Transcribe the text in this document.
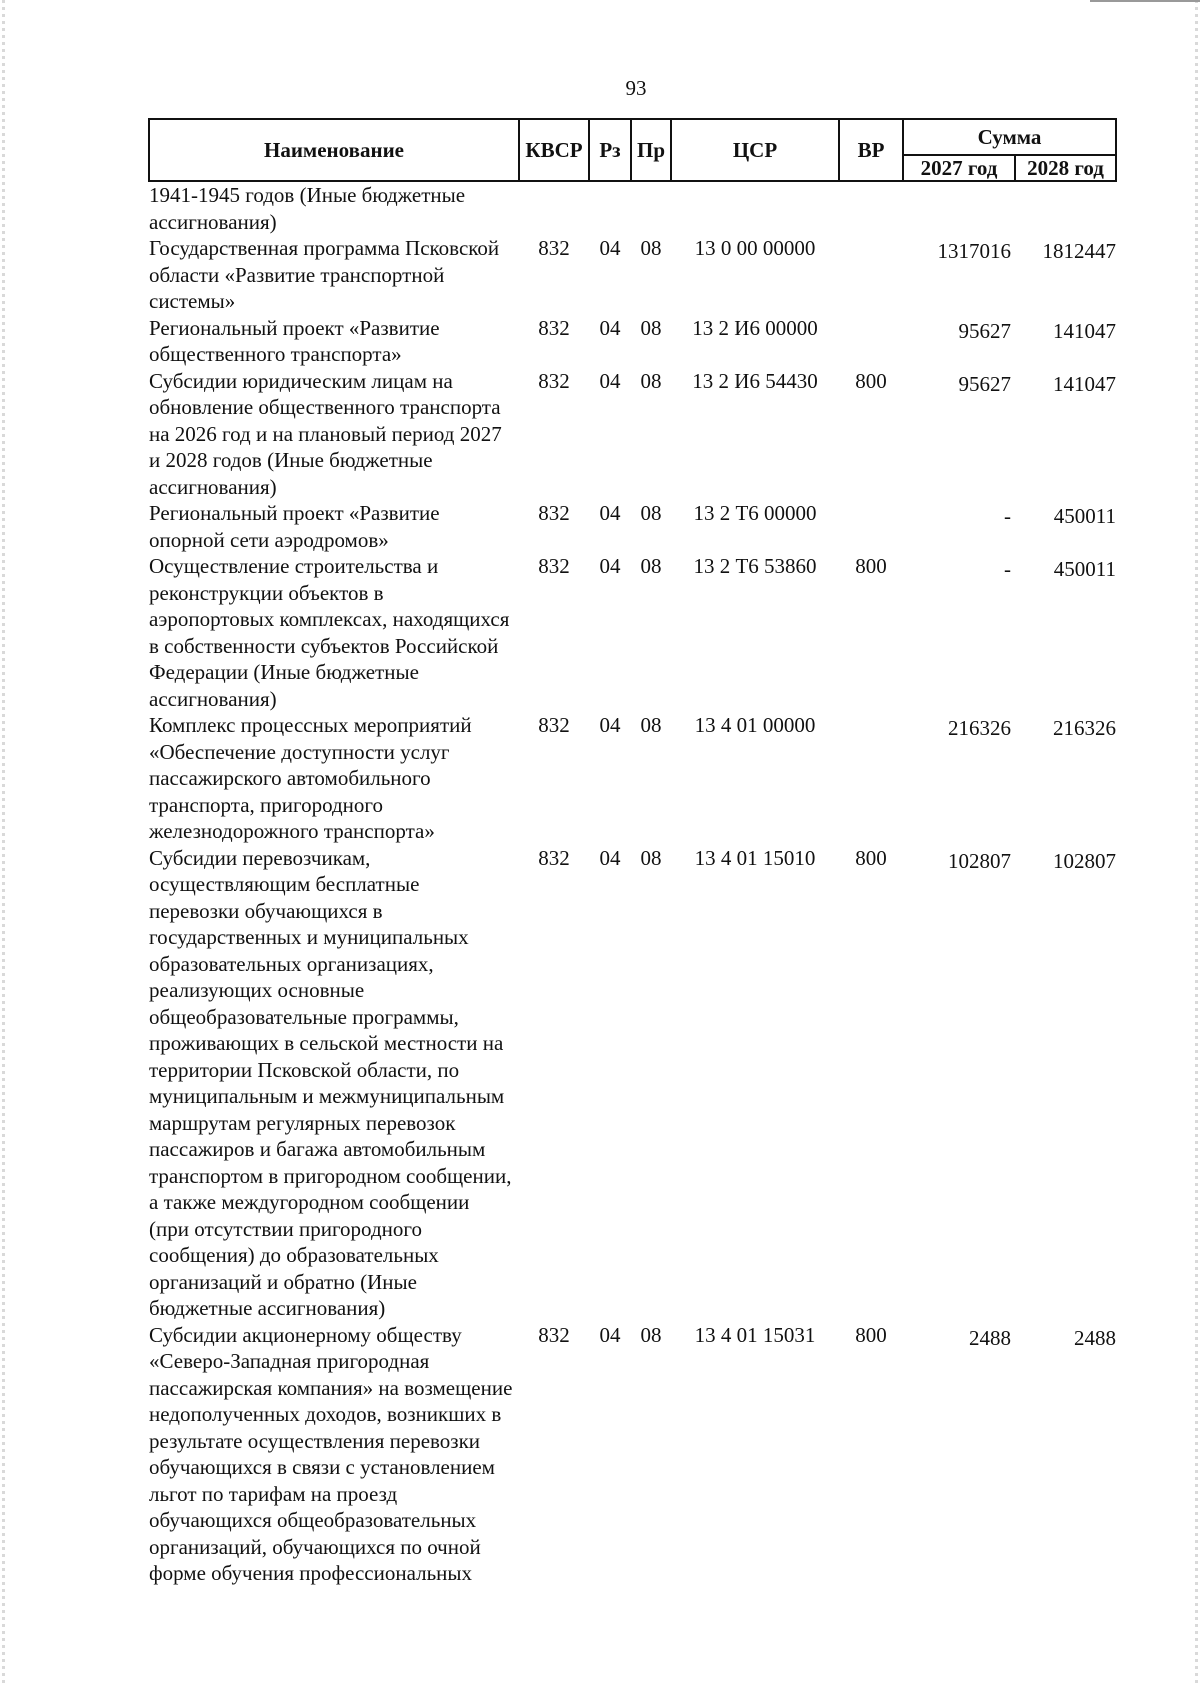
93
Наименование	КВСР	Рз	Пр	ЦСР	ВР	Сумма	
						2027 год	2028 год
1941-1945 годов (Иные бюджетные ассигнования)							
Государственная программа Псковской области «Развитие транспортной системы»	832	04	08	13 0 00 00000		1317016	1812447
Региональный проект «Развитие общественного транспорта»	832	04	08	13 2 И6 00000		95627	141047
Субсидии юридическим лицам на обновление общественного транспорта на 2026 год и на плановый период 2027 и 2028 годов (Иные бюджетные ассигнования)	832	04	08	13 2 И6 54430	800	95627	141047
Региональный проект «Развитие опорной сети аэродромов»	832	04	08	13 2 Т6 00000		-	450011
Осуществление строительства и реконструкции объектов в аэропортовых комплексах, находящихся в собственности субъектов Российской Федерации (Иные бюджетные ассигнования)	832	04	08	13 2 Т6 53860	800	-	450011
Комплекс процессных мероприятий «Обеспечение доступности услуг пассажирского автомобильного транспорта, пригородного железнодорожного транспорта»	832	04	08	13 4 01 00000		216326	216326
Субсидии перевозчикам, осуществляющим бесплатные перевозки обучающихся в государственных и муниципальных образовательных организациях, реализующих основные общеобразовательные программы, проживающих в сельской местности на территории Псковской области, по муниципальным и межмуниципальным маршрутам регулярных перевозок пассажиров и багажа автомобильным транспортом в пригородном сообщении, а также междугородном сообщении (при отсутствии пригородного сообщения) до образовательных организаций и обратно (Иные бюджетные ассигнования)	832	04	08	13 4 01 15010	800	102807	102807
Субсидии акционерному обществу «Северо-Западная пригородная пассажирская компания» на возмещение недополученных доходов, возникших в результате осуществления перевозки обучающихся в связи с установлением льгот по тарифам на проезд обучающихся общеобразовательных организаций, обучающихся по очной форме обучения профессиональных	832	04	08	13 4 01 15031	800	2488	2488
